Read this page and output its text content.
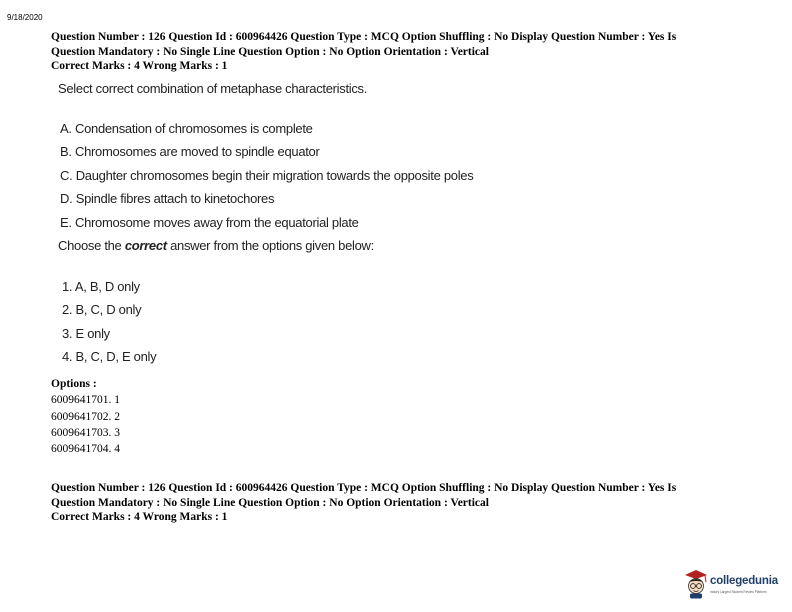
9/18/2020
Question Number : 126 Question Id : 600964426 Question Type : MCQ Option Shuffling : No Display Question Number : Yes Is
Question Mandatory : No Single Line Question Option : No Option Orientation : Vertical
Correct Marks : 4 Wrong Marks : 1
Select correct combination of metaphase characteristics.
A. Condensation of chromosomes is complete
B. Chromosomes are moved to spindle equator
C. Daughter chromosomes begin their migration towards the opposite poles
D. Spindle fibres attach to kinetochores
E. Chromosome moves away from the equatorial plate
Choose the correct answer from the options given below:
1. A, B, D only
2. B, C, D only
3. E only
4. B, C, D, E only
Options :
6009641701. 1
6009641702. 2
6009641703. 3
6009641704. 4
Question Number : 126 Question Id : 600964426 Question Type : MCQ Option Shuffling : No Display Question Number : Yes Is
Question Mandatory : No Single Line Question Option : No Option Orientation : Vertical
Correct Marks : 4 Wrong Marks : 1
collegedunia
India's Largest Student Review Platform
